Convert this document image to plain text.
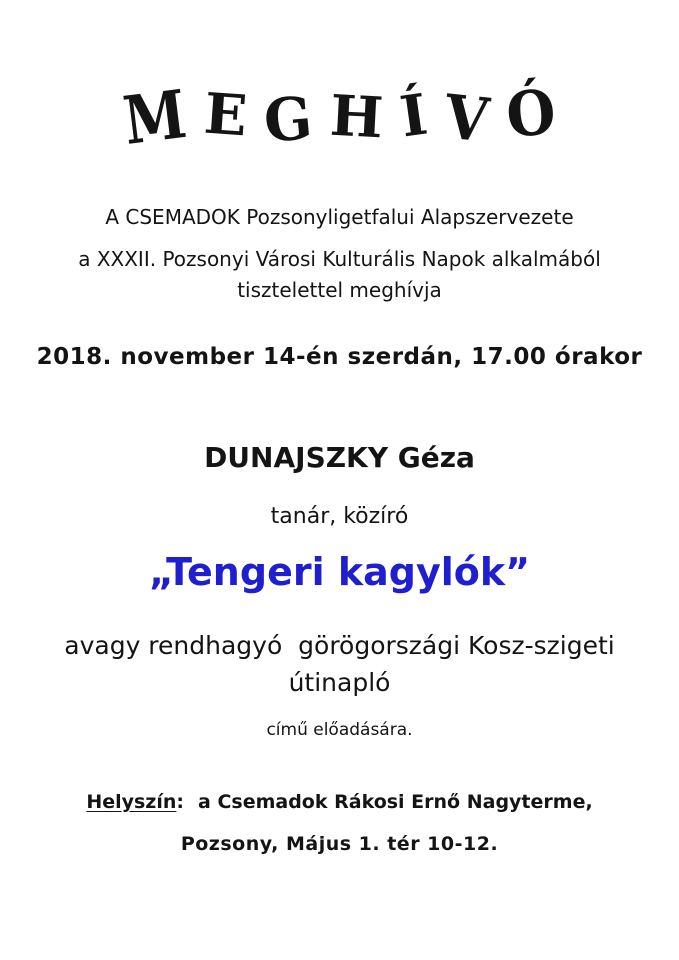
M E G H Í V Ó

A CSEMADOK Pozsonyligetfalui Alapszervezete

a XXXII. Pozsonyi Városi Kulturális Napok alkalmából

tisztelettel meghívja

2018. november 14-én szerdán, 17.00 órakor

DUNAJSZKY Géza

tanár, közíró

„Tengeri kagylók”

avagy rendhagyó  görögországi Kosz-szigeti

útinapló

című előadására.

Helyszín: a Csemadok Rákosi Ernő Nagyterme,

Pozsony, Május 1. tér 10-12.
